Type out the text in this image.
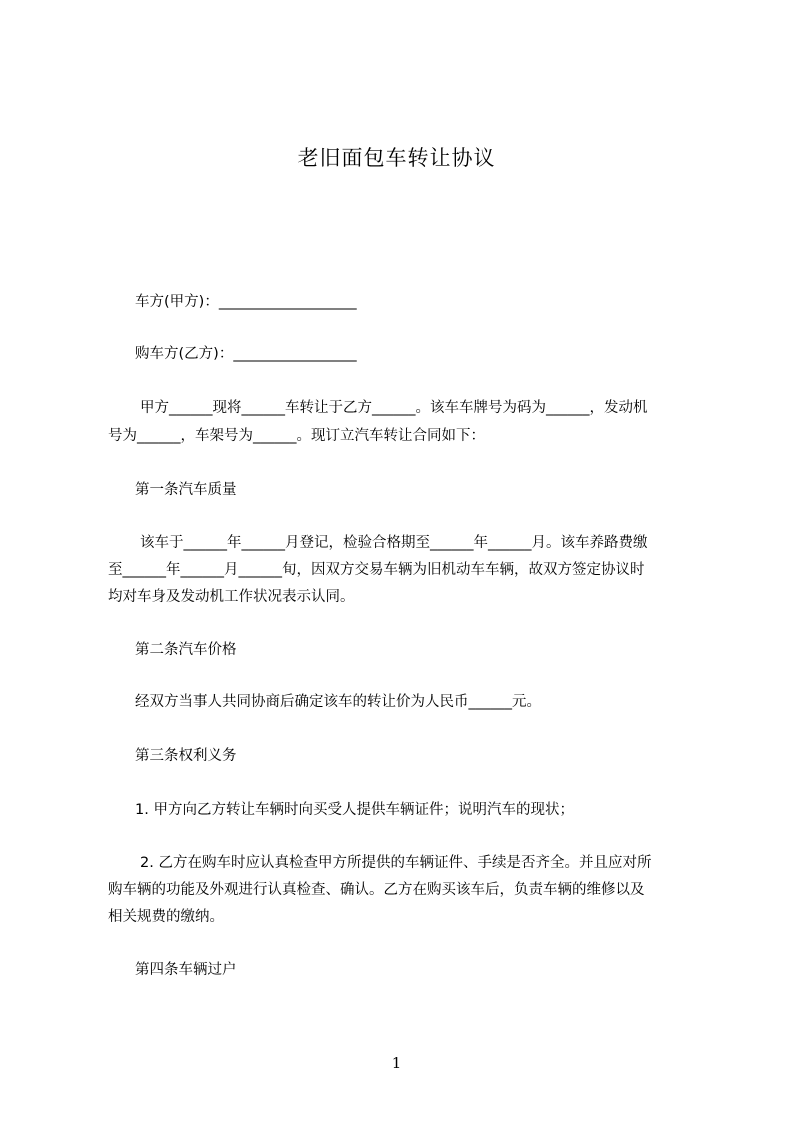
老旧面包车转让协议
车方(甲方)：___________________
购车方(乙方)：_________________
甲方______现将______车转让于乙方______。该车车牌号为码为______，发动机
号为______，车架号为______。现订立汽车转让合同如下：
第一条汽车质量
该车于______年______月登记，检验合格期至______年______月。该车养路费缴
至______年______月______旬，因双方交易车辆为旧机动车车辆，故双方签定协议时
均对车身及发动机工作状况表示认同。
第二条汽车价格
经双方当事人共同协商后确定该车的转让价为人民币______元。
第三条权利义务
1. 甲方向乙方转让车辆时向买受人提供车辆证件；说明汽车的现状；
2. 乙方在购车时应认真检查甲方所提供的车辆证件、手续是否齐全。并且应对所
购车辆的功能及外观进行认真检查、确认。乙方在购买该车后，负责车辆的维修以及
相关规费的缴纳。
第四条车辆过户
1
